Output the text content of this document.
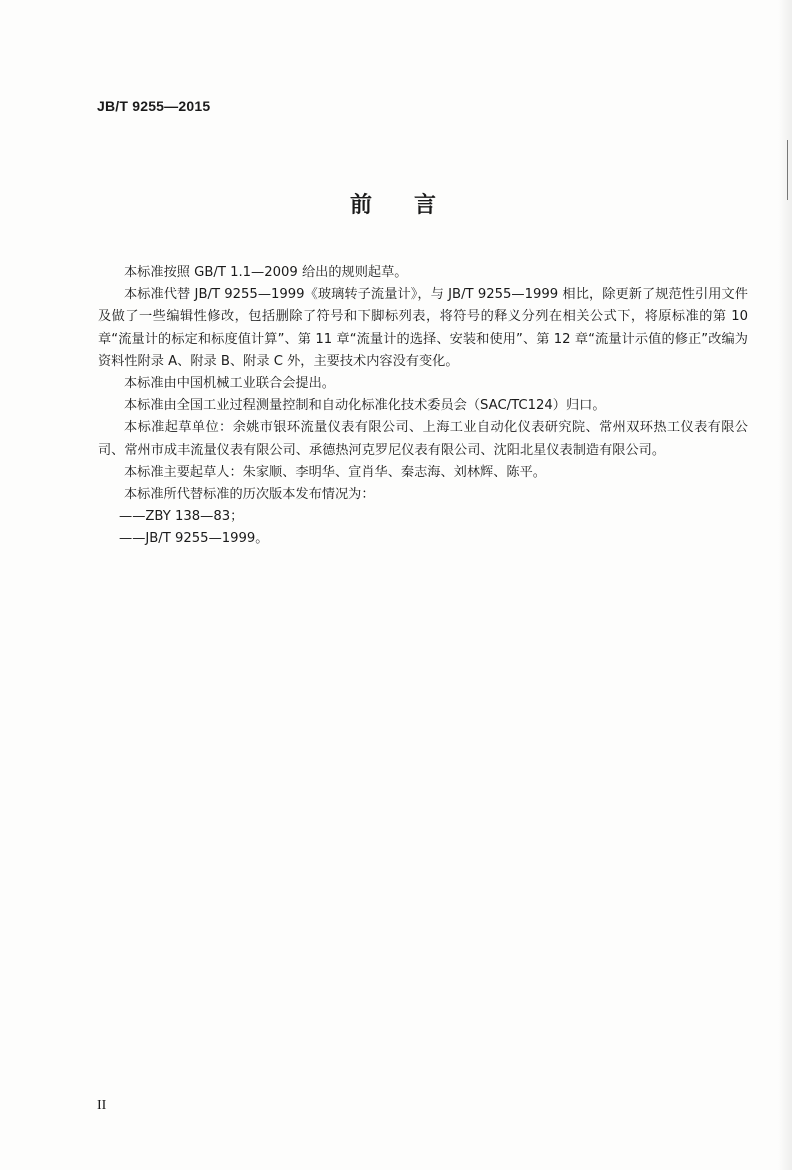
JB/T 9255—2015
前言

本标准按照 GB/T 1.1—2009 给出的规则起草。

本标准代替 JB/T 9255—1999《玻璃转子流量计》，与 JB/T 9255—1999 相比，除更新了规范性引用文件及做了一些编辑性修改，包括删除了符号和下脚标列表，将符号的释义分列在相关公式下，将原标准的第 10 章“流量计的标定和标度值计算”、第 11 章“流量计的选择、安装和使用”、第 12 章“流量计示值的修正”改编为资料性附录 A、附录 B、附录 C 外，主要技术内容没有变化。

本标准由中国机械工业联合会提出。

本标准由全国工业过程测量控制和自动化标准化技术委员会（SAC/TC124）归口。

本标准起草单位：余姚市银环流量仪表有限公司、上海工业自动化仪表研究院、常州双环热工仪表有限公司、常州市成丰流量仪表有限公司、承德热河克罗尼仪表有限公司、沈阳北星仪表制造有限公司。

本标准主要起草人：朱家顺、李明华、宣肖华、秦志海、刘林辉、陈平。

本标准所代替标准的历次版本发布情况为：

——ZBY 138—83；

——JB/T 9255—1999。

II
